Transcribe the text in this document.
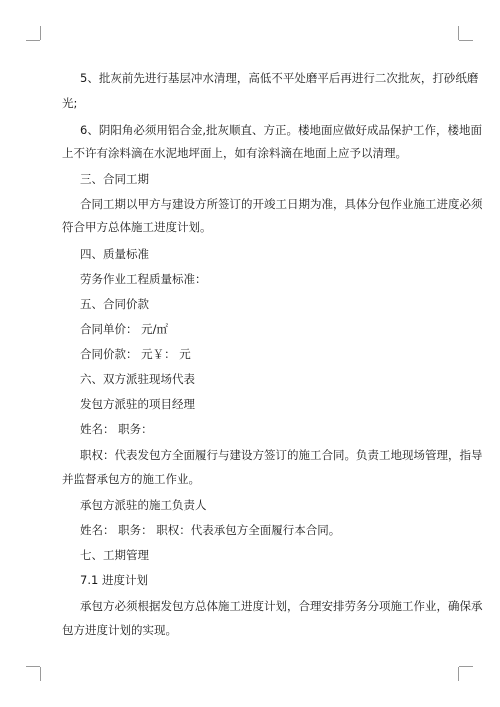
5、批灰前先进行基层冲水清理，高低不平处磨平后再进行二次批灰，打砂纸磨

光;

6、阴阳角必须用铝合金,批灰顺直、方正。楼地面应做好成品保护工作，楼地面

上不许有涂料滴在水泥地坪面上，如有涂料滴在地面上应予以清理。

三、合同工期

合同工期以甲方与建设方所签订的开竣工日期为准，具体分包作业施工进度必须

符合甲方总体施工进度计划。

四、质量标准

劳务作业工程质量标准：

五、合同价款

合同单价： 元/㎡

合同价款： 元￥： 元

六、双方派驻现场代表

发包方派驻的项目经理

姓名： 职务：

职权：代表发包方全面履行与建设方签订的施工合同。负责工地现场管理，指导

并监督承包方的施工作业。

承包方派驻的施工负责人

姓名： 职务： 职权：代表承包方全面履行本合同。

七、工期管理

7.1 进度计划

承包方必须根据发包方总体施工进度计划，合理安排劳务分项施工作业，确保承

包方进度计划的实现。
